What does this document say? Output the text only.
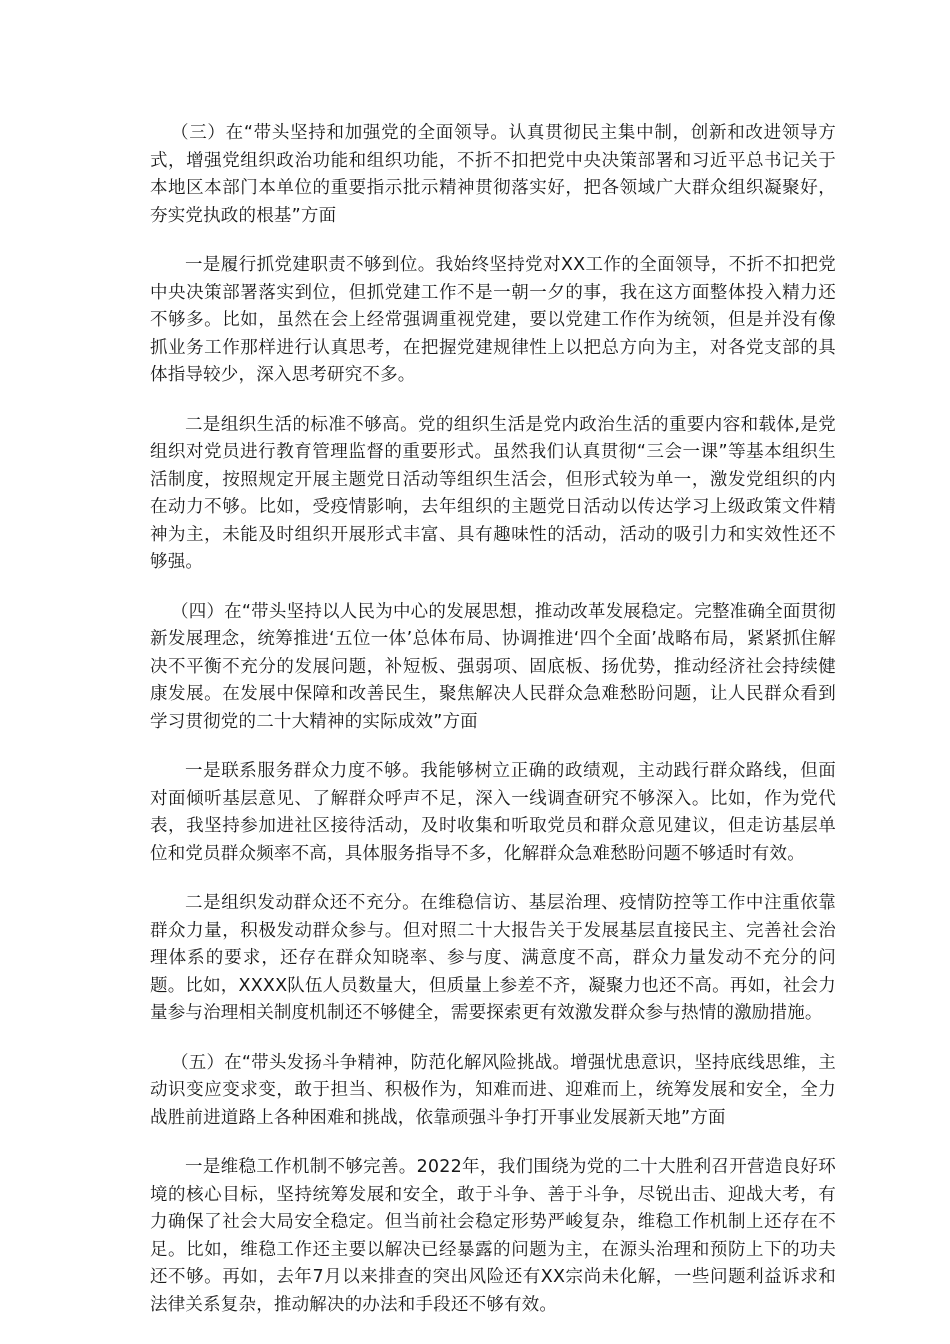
（三）在“带头坚持和加强党的全面领导。认真贯彻民主集中制，创新和改进领导方式，增强党组织政治功能和组织功能，不折不扣把党中央决策部署和习近平总书记关于本地区本部门本单位的重要指示批示精神贯彻落实好，把各领域广大群众组织凝聚好，夯实党执政的根基”方面

一是履行抓党建职责不够到位。我始终坚持党对XX工作的全面领导，不折不扣把党中央决策部署落实到位，但抓党建工作不是一朝一夕的事，我在这方面整体投入精力还不够多。比如，虽然在会上经常强调重视党建，要以党建工作作为统领，但是并没有像抓业务工作那样进行认真思考，在把握党建规律性上以把总方向为主，对各党支部的具体指导较少，深入思考研究不多。

二是组织生活的标准不够高。党的组织生活是党内政治生活的重要内容和载体,是党组织对党员进行教育管理监督的重要形式。虽然我们认真贯彻“三会一课”等基本组织生活制度，按照规定开展主题党日活动等组织生活会，但形式较为单一，激发党组织的内在动力不够。比如，受疫情影响，去年组织的主题党日活动以传达学习上级政策文件精神为主，未能及时组织开展形式丰富、具有趣味性的活动，活动的吸引力和实效性还不够强。

（四）在“带头坚持以人民为中心的发展思想，推动改革发展稳定。完整准确全面贯彻新发展理念，统筹推进‘五位一体’总体布局、协调推进‘四个全面’战略布局，紧紧抓住解决不平衡不充分的发展问题，补短板、强弱项、固底板、扬优势，推动经济社会持续健康发展。在发展中保障和改善民生，聚焦解决人民群众急难愁盼问题，让人民群众看到学习贯彻党的二十大精神的实际成效”方面

一是联系服务群众力度不够。我能够树立正确的政绩观，主动践行群众路线，但面对面倾听基层意见、了解群众呼声不足，深入一线调查研究不够深入。比如，作为党代表，我坚持参加进社区接待活动，及时收集和听取党员和群众意见建议，但走访基层单位和党员群众频率不高，具体服务指导不多，化解群众急难愁盼问题不够适时有效。

二是组织发动群众还不充分。在维稳信访、基层治理、疫情防控等工作中注重依靠群众力量，积极发动群众参与。但对照二十大报告关于发展基层直接民主、完善社会治理体系的要求，还存在群众知晓率、参与度、满意度不高，群众力量发动不充分的问题。比如，XXXX队伍人员数量大，但质量上参差不齐，凝聚力也还不高。再如，社会力量参与治理相关制度机制还不够健全，需要探索更有效激发群众参与热情的激励措施。

（五）在“带头发扬斗争精神，防范化解风险挑战。增强忧患意识，坚持底线思维，主动识变应变求变，敢于担当、积极作为，知难而进、迎难而上，统筹发展和安全，全力战胜前进道路上各种困难和挑战，依靠顽强斗争打开事业发展新天地”方面

一是维稳工作机制不够完善。2022年，我们围绕为党的二十大胜利召开营造良好环境的核心目标，坚持统筹发展和安全，敢于斗争、善于斗争，尽锐出击、迎战大考，有力确保了社会大局安全稳定。但当前社会稳定形势严峻复杂，维稳工作机制上还存在不足。比如，维稳工作还主要以解决已经暴露的问题为主，在源头治理和预防上下的功夫还不够。再如，去年7月以来排查的突出风险还有XX宗尚未化解，一些问题利益诉求和法律关系复杂，推动解决的办法和手段还不够有效。
